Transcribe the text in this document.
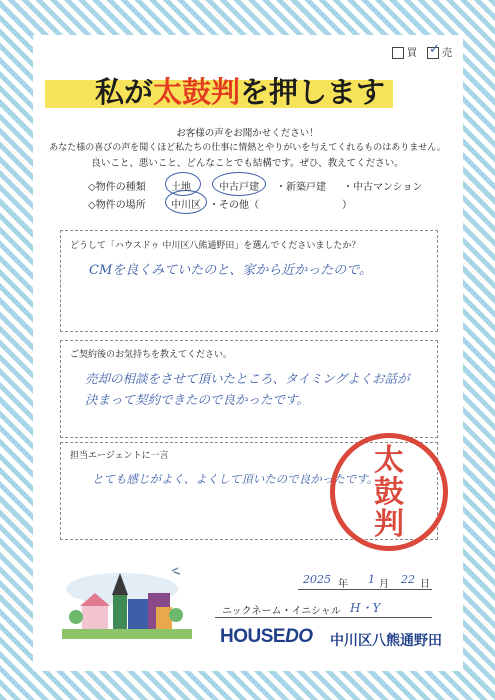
買 ✓ 売
私が太鼓判を押します
お客様の声をお聞かせください！
あなた様の喜びの声を聞くほど私たちの仕事に情熱とやりがいを与えてくれるものはありません。
良いこと、悪いこと、どんなことでも結構です。ぜひ、教えてください。
◇物件の種類	土地	中古戸建 ・新築戸建 ・中古マンション
◇物件の場所	中川区 ・その他（	）
どうして「ハウスドゥ 中川区八熊通野田」を選んでくださいましたか？
CMを良くみていたのと、家から近かったので。
ご契約後のお気持ちを教えてください。
売却の相談をさせて頂いたところ、タイミングよくお話が
決まって契約できたので良かったです。
担当エージェントに一言
とても感じがよく、よくして頂いたので良かったです。
太
鼓
判
2025 年 1 月 22 日
ニックネーム・イニシャル H・Y
HOUSEDO 中川区八熊通野田
